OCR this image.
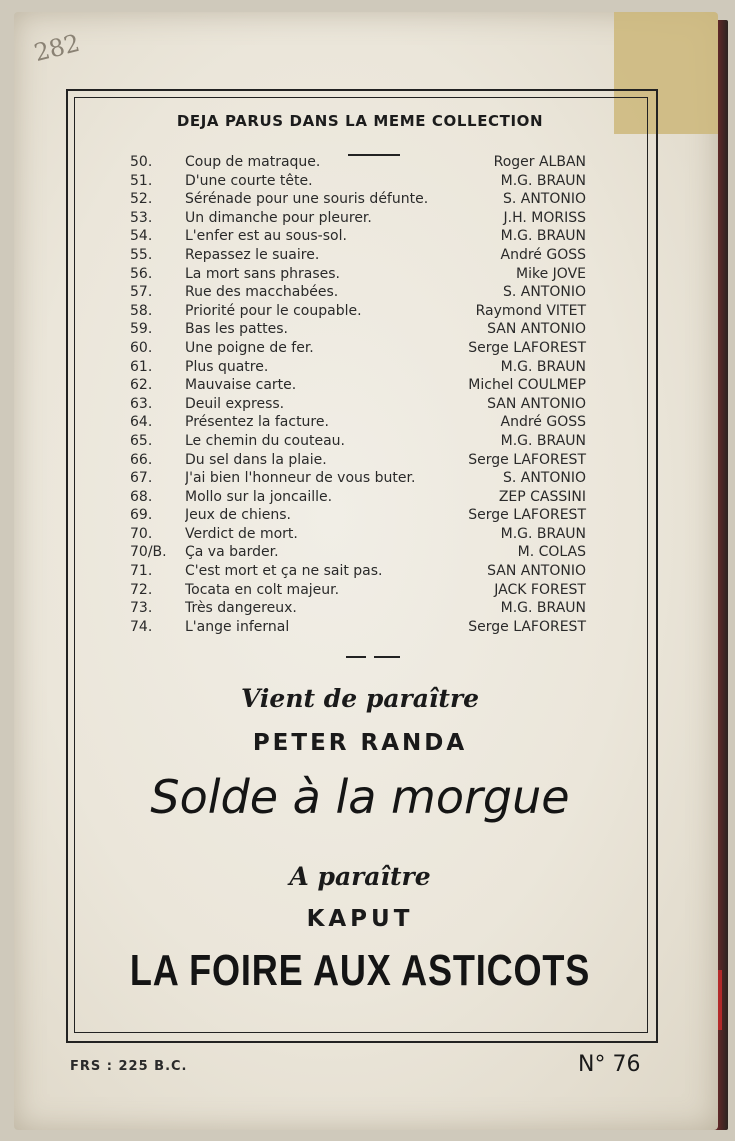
282
DEJA PARUS DANS LA MEME COLLECTION
50.	Coup de matraque.	Roger ALBAN
51.	D'une courte tête.	M.G. BRAUN
52.	Sérénade pour une souris défunte.	S. ANTONIO
53.	Un dimanche pour pleurer.	J.H. MORISS
54.	L'enfer est au sous-sol.	M.G. BRAUN
55.	Repassez le suaire.	André GOSS
56.	La mort sans phrases.	Mike JOVE
57.	Rue des macchabées.	S. ANTONIO
58.	Priorité pour le coupable.	Raymond VITET
59.	Bas les pattes.	SAN ANTONIO
60.	Une poigne de fer.	Serge LAFOREST
61.	Plus quatre.	M.G. BRAUN
62.	Mauvaise carte.	Michel COULMEP
63.	Deuil express.	SAN ANTONIO
64.	Présentez la facture.	André GOSS
65.	Le chemin du couteau.	M.G. BRAUN
66.	Du sel dans la plaie.	Serge LAFOREST
67.	J'ai bien l'honneur de vous buter.	S. ANTONIO
68.	Mollo sur la joncaille.	ZEP CASSINI
69.	Jeux de chiens.	Serge LAFOREST
70.	Verdict de mort.	M.G. BRAUN
70/B.	Ça va barder.	M. COLAS
71.	C'est mort et ça ne sait pas.	SAN ANTONIO
72.	Tocata en colt majeur.	JACK FOREST
73.	Très dangereux.	M.G. BRAUN
74.	L'ange infernal	Serge LAFOREST
Vient de paraître
PETER RANDA
Solde à la morgue
A paraître
KAPUT
LA FOIRE AUX ASTICOTS
FRS : 225 B.C.	N° 76
